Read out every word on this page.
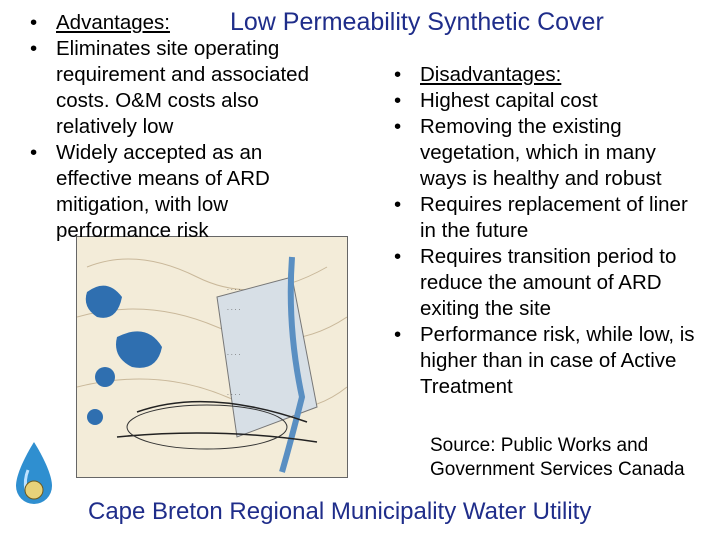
Low Permeability Synthetic Cover
• Advantages:
• Eliminates site operating requirement and associated costs. O&M costs also relatively low
• Widely accepted as an effective means of ARD mitigation, with low performance risk
· · · ·
· · · ·
· · · ·
· · · ·
• Disadvantages:
• Highest capital cost
• Removing the existing vegetation, which in many ways is healthy and robust
• Requires replacement of liner in the future
• Requires transition period to reduce the amount of ARD exiting the site
• Performance risk, while low, is higher than in case of Active Treatment
Source: Public Works and
Government Services Canada
Cape Breton Regional Municipality Water Utility
